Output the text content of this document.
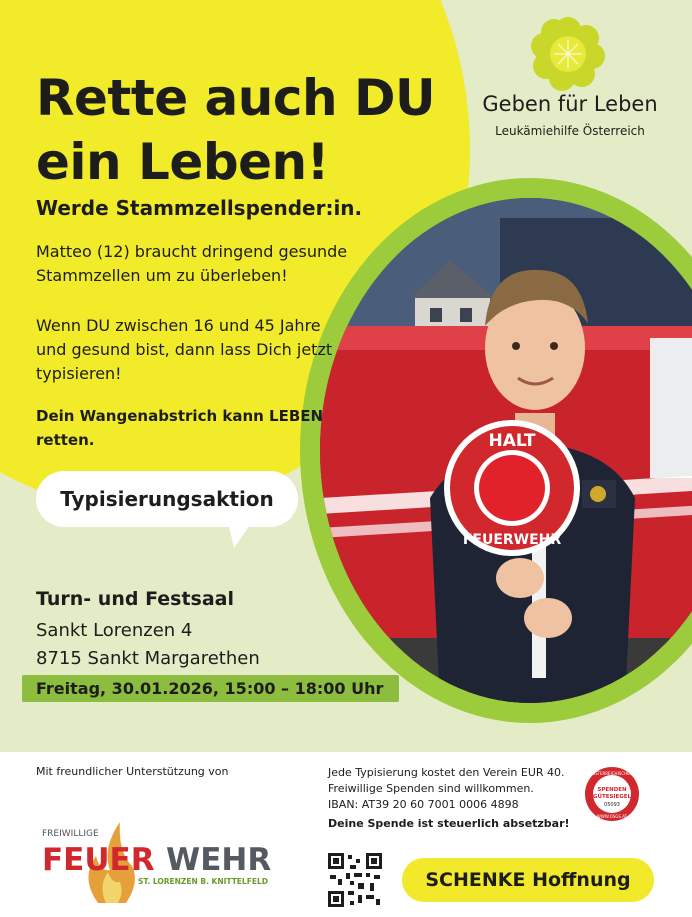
HALT
FEUERWEHR
Rette auch DU
ein Leben!
Werde Stammzellspender:in.
Matteo (12) braucht dringend gesunde Stammzellen um zu überleben!
Wenn DU zwischen 16 und 45 Jahre und gesund bist, dann lass Dich jetzt typisieren!
Dein Wangenabstrich kann LEBEN retten.
Typisierungsaktion
Turn- und Festsaal
Sankt Lorenzen 4
8715 Sankt Margarethen
Freitag, 30.01.2026, 15:00 – 18:00 Uhr
Geben für Leben
Leukämiehilfe Österreich
Mit freundlicher Unterstützung von	Jede Typisierung kostet den Verein EUR 40.
Freiwillige Spenden sind willkommen.
IBAN: AT39 20 60 7001 0006 4898
Deine Spende ist steuerlich absetzbar!
ÖSTERREICHISCHES
SPENDEN
GÜTESIEGEL
05093
WWW.OSGS.AT
SCHENKE Hoffnung
FREIWILLIGE
FEUER WEHR
ST. LORENZEN B. KNITTELFELD
